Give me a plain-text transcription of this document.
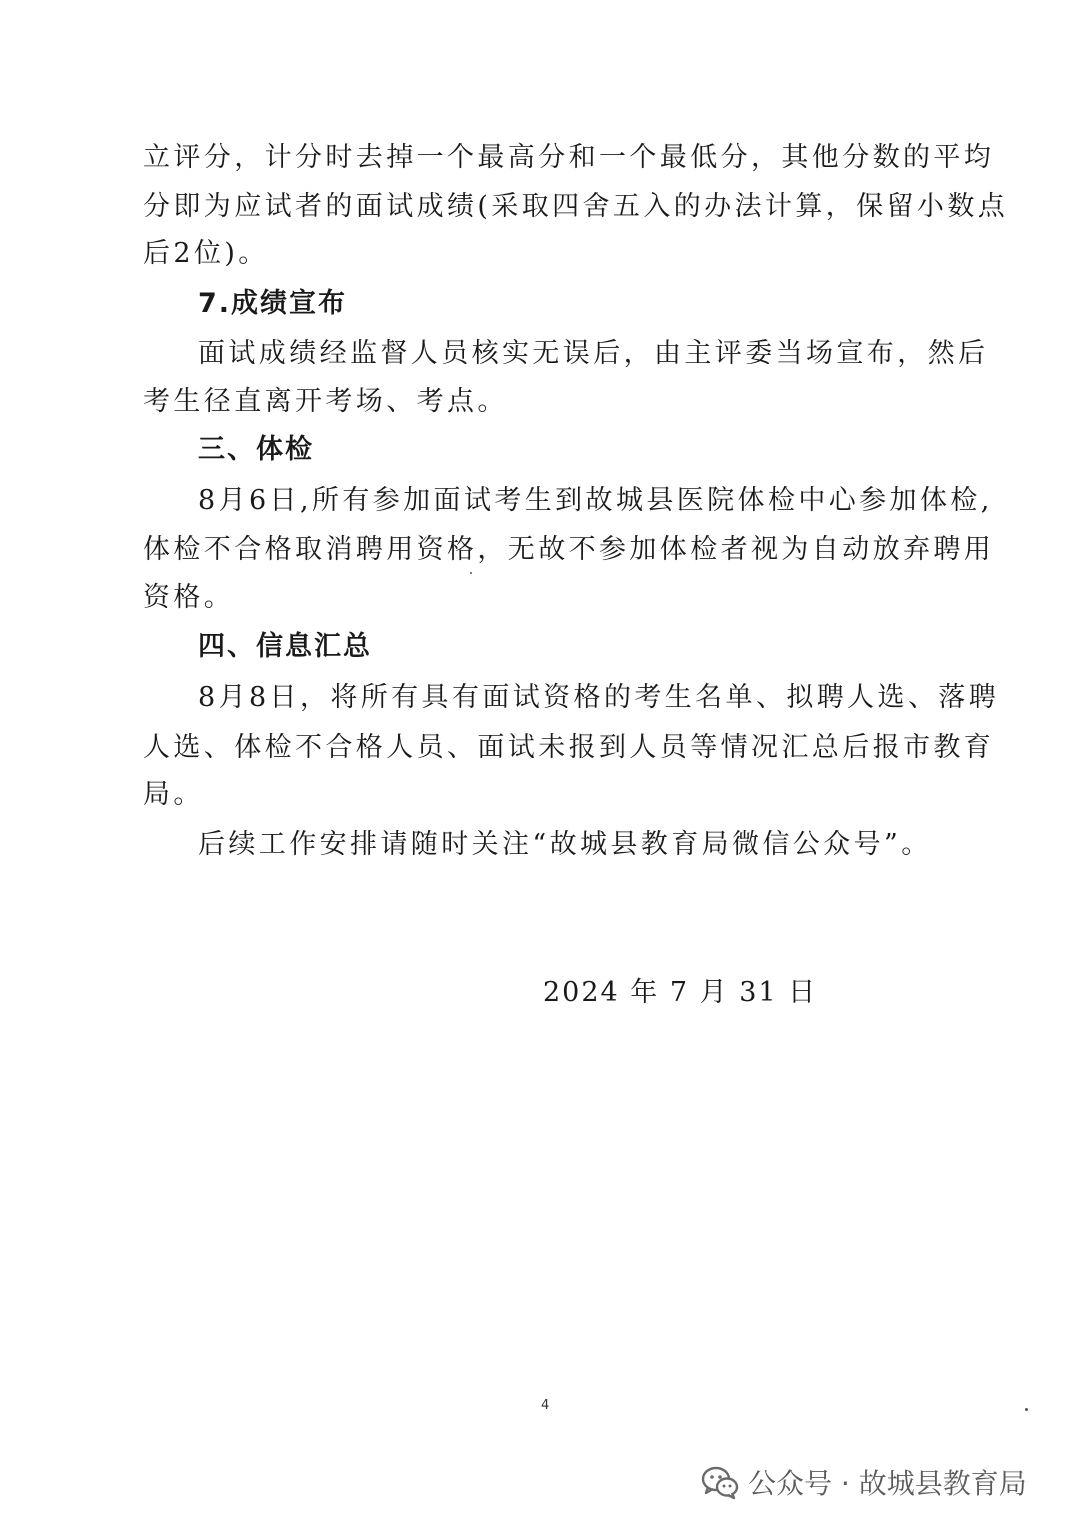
立评分，计分时去掉一个最高分和一个最低分，其他分数的平均
分即为应试者的面试成绩(采取四舍五入的办法计算，保留小数点
后2位)。
7.成绩宣布
面试成绩经监督人员核实无误后，由主评委当场宣布，然后
考生径直离开考场、考点。
三、体检
8月6日,所有参加面试考生到故城县医院体检中心参加体检,
体检不合格取消聘用资格，无故不参加体检者视为自动放弃聘用
资格。
四、信息汇总
8月8日，将所有具有面试资格的考生名单、拟聘人选、落聘
人选、体检不合格人员、面试未报到人员等情况汇总后报市教育
局。
后续工作安排请随时关注“故城县教育局微信公众号”。
2024 年 7 月 31 日
4
公众号 · 故城县教育局
